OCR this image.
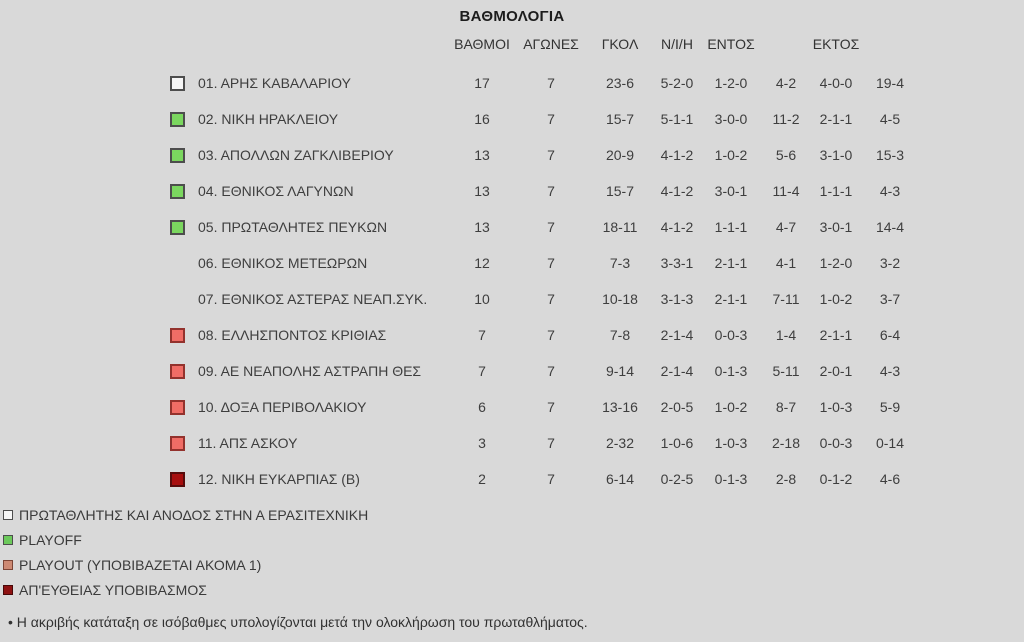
ΒΑΘΜΟΛΟΓΙΑ
ΒΑΘΜΟΙ ΑΓΩΝΕΣ	ΓΚΟΛ	Ν/Ι/Η	ΕΝΤΟΣ	ΕΚΤΟΣ
01. ΑΡΗΣ ΚΑΒΑΛΑΡΙΟΥ	17	7	23-6	5-2-0	1-2-0	4-2	4-0-0	19-4
02. ΝΙΚΗ ΗΡΑΚΛΕΙΟΥ	16	7	15-7	5-1-1	3-0-0	11-2	2-1-1	4-5
03. ΑΠΟΛΛΩΝ ΖΑΓΚΛΙΒΕΡΙΟΥ	13	7	20-9	4-1-2	1-0-2	5-6	3-1-0	15-3
04. ΕΘΝΙΚΟΣ ΛΑΓΥΝΩΝ	13	7	15-7	4-1-2	3-0-1	11-4	1-1-1	4-3
05. ΠΡΩΤΑΘΛΗΤΕΣ ΠΕΥΚΩΝ	13	7	18-11	4-1-2	1-1-1	4-7	3-0-1	14-4
06. ΕΘΝΙΚΟΣ ΜΕΤΕΩΡΩΝ	12	7	7-3	3-3-1	2-1-1	4-1	1-2-0	3-2
07. ΕΘΝΙΚΟΣ ΑΣΤΕΡΑΣ ΝΕΑΠ.ΣΥΚ.	10	7	10-18	3-1-3	2-1-1	7-11	1-0-2	3-7
08. ΕΛΛΗΣΠΟΝΤΟΣ ΚΡΙΘΙΑΣ	7	7	7-8	2-1-4	0-0-3	1-4	2-1-1	6-4
09. ΑΕ ΝΕΑΠΟΛΗΣ ΑΣΤΡΑΠΗ ΘΕΣ	7	7	9-14	2-1-4	0-1-3	5-11	2-0-1	4-3
10. ΔΟΞΑ ΠΕΡΙΒΟΛΑΚΙΟΥ	6	7	13-16	2-0-5	1-0-2	8-7	1-0-3	5-9
11. ΑΠΣ ΑΣΚΟΥ	3	7	2-32	1-0-6	1-0-3	2-18	0-0-3	0-14
12. ΝΙΚΗ ΕΥΚΑΡΠΙΑΣ (Β)	2	7	6-14	0-2-5	0-1-3	2-8	0-1-2	4-6
ΠΡΩΤΑΘΛΗΤΗΣ ΚΑΙ ΑΝΟΔΟΣ ΣΤΗΝ Α ΕΡΑΣΙΤΕΧΝΙΚΗ
PLAYOFF
PLAYOUT (ΥΠΟΒΙΒΑΖΕΤΑΙ ΑΚΟΜΑ 1)
ΑΠ'ΕΥΘΕΙΑΣ ΥΠΟΒΙΒΑΣΜΟΣ
• Η ακριβής κατάταξη σε ισόβαθμες υπολογίζονται μετά την ολοκλήρωση του πρωταθλήματος.
